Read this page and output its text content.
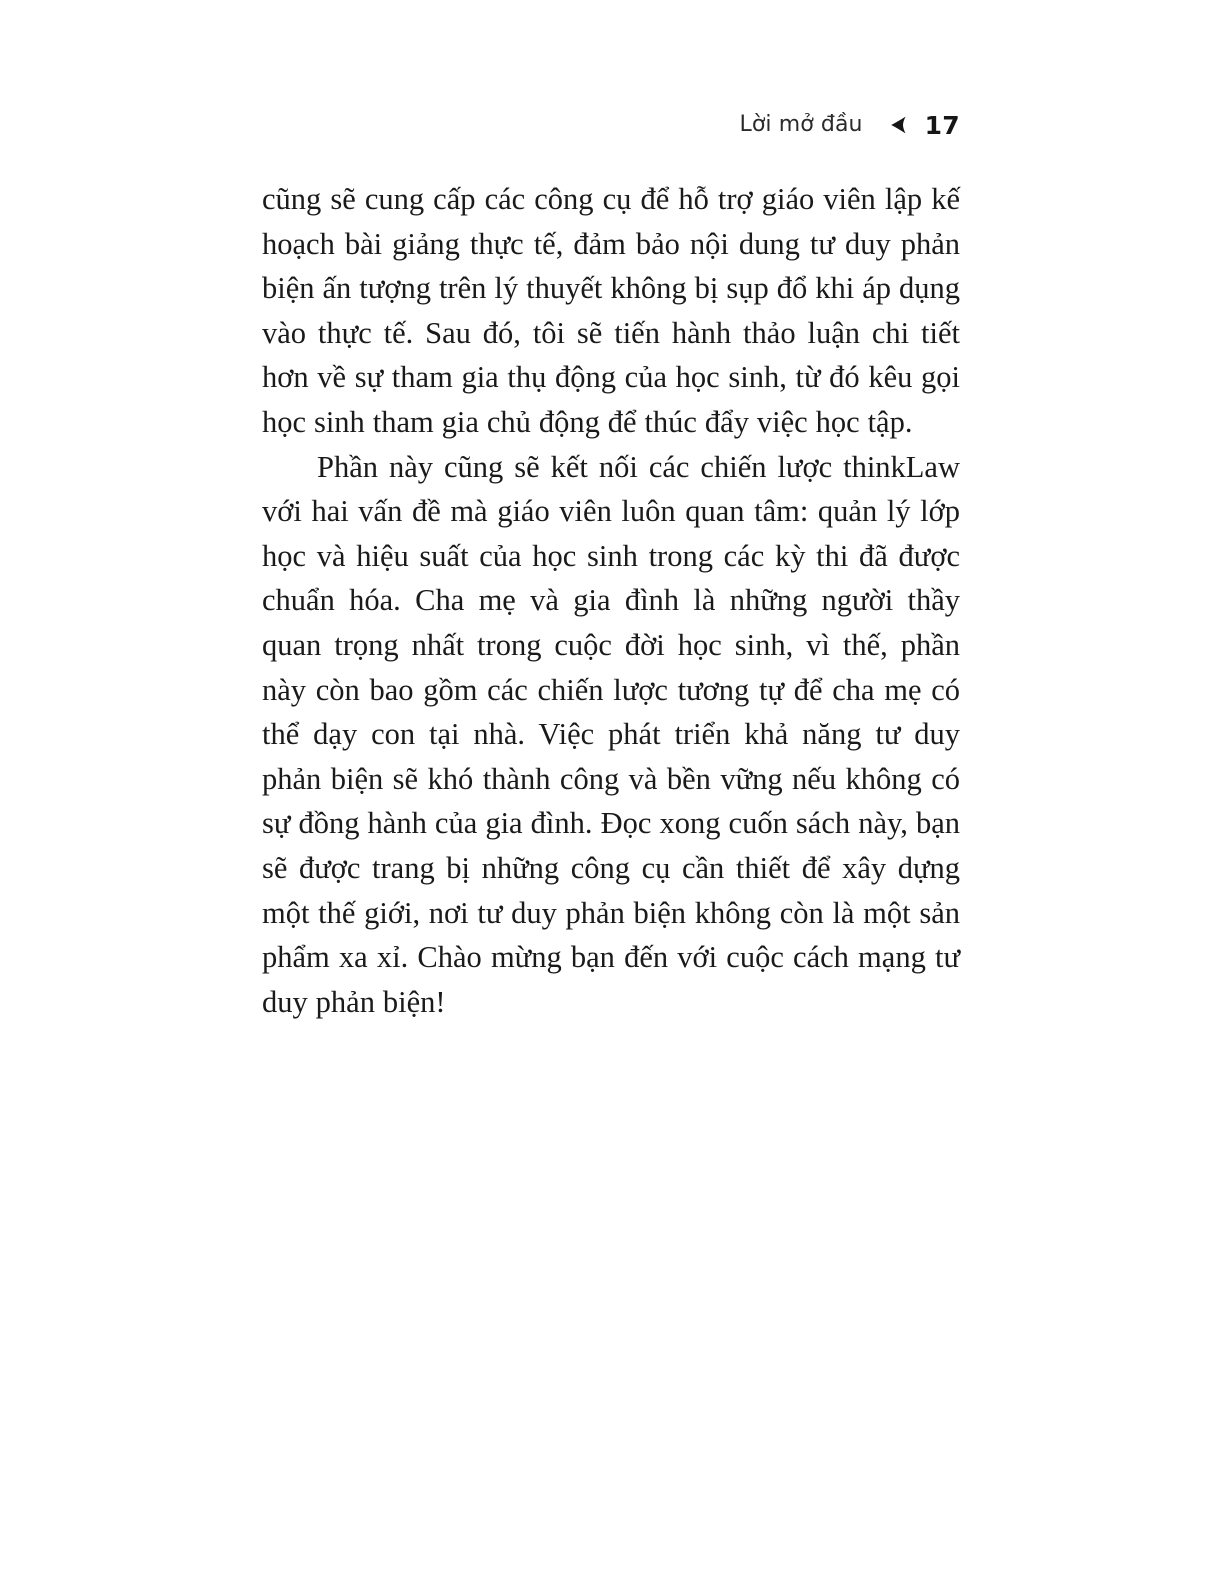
Lời mở đầu 17

cũng sẽ cung cấp các công cụ để hỗ trợ giáo viên lập kế hoạch bài giảng thực tế, đảm bảo nội dung tư duy phản biện ấn tượng trên lý thuyết không bị sụp đổ khi áp dụng vào thực tế. Sau đó, tôi sẽ tiến hành thảo luận chi tiết hơn về sự tham gia thụ động của học sinh, từ đó kêu gọi học sinh tham gia chủ động để thúc đẩy việc học tập.

Phần này cũng sẽ kết nối các chiến lược thinkLaw với hai vấn đề mà giáo viên luôn quan tâm: quản lý lớp học và hiệu suất của học sinh trong các kỳ thi đã được chuẩn hóa. Cha mẹ và gia đình là những người thầy quan trọng nhất trong cuộc đời học sinh, vì thế, phần này còn bao gồm các chiến lược tương tự để cha mẹ có thể dạy con tại nhà. Việc phát triển khả năng tư duy phản biện sẽ khó thành công và bền vững nếu không có sự đồng hành của gia đình. Đọc xong cuốn sách này, bạn sẽ được trang bị những công cụ cần thiết để xây dựng một thế giới, nơi tư duy phản biện không còn là một sản phẩm xa xỉ. Chào mừng bạn đến với cuộc cách mạng tư duy phản biện!
